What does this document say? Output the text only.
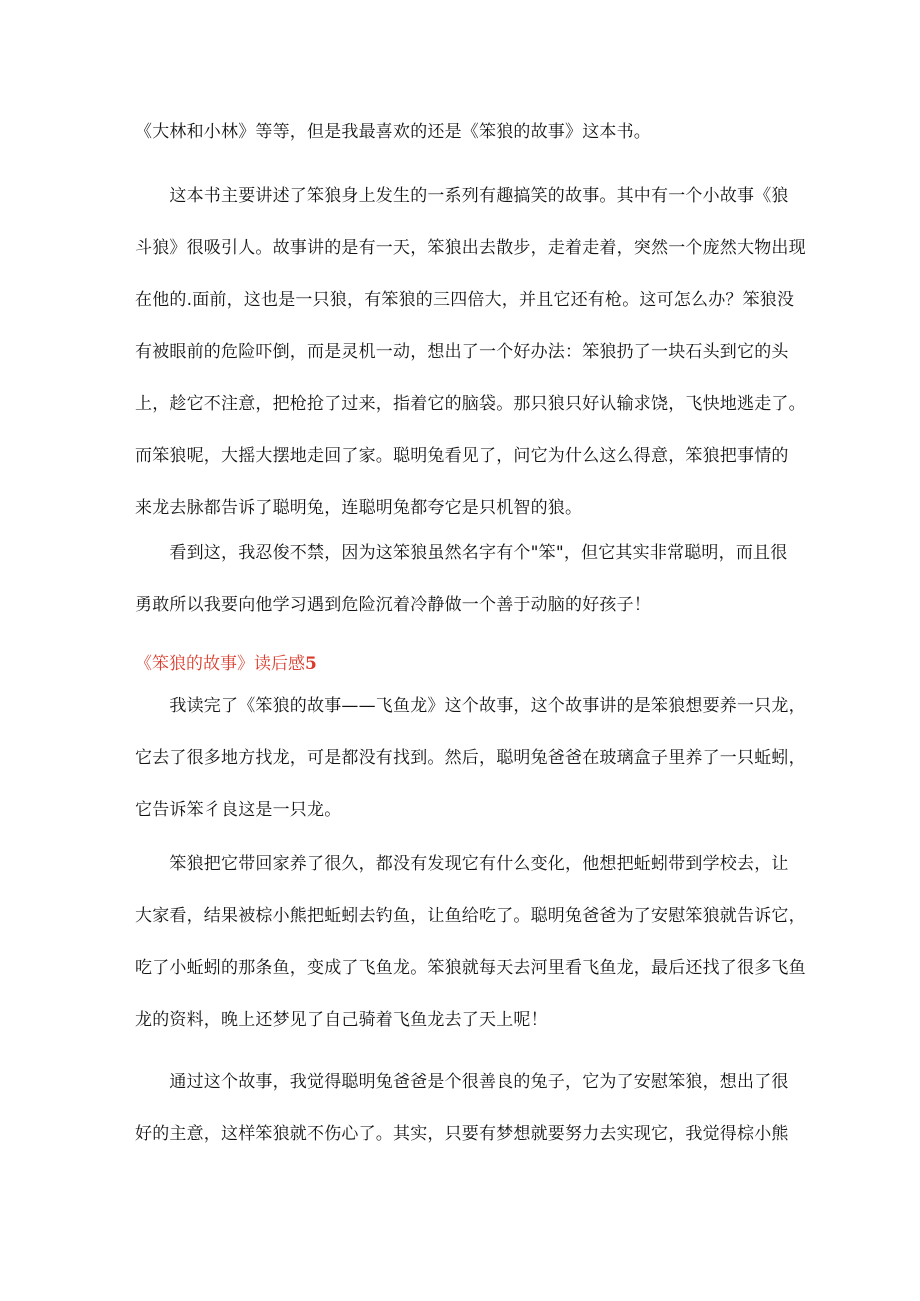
《大林和小林》等等，但是我最喜欢的还是《笨狼的故事》这本书。
　　这本书主要讲述了笨狼身上发生的一系列有趣搞笑的故事。其中有一个小故事《狼
斗狼》很吸引人。故事讲的是有一天，笨狼出去散步，走着走着，突然一个庞然大物出现
在他的.面前，这也是一只狼，有笨狼的三四倍大，并且它还有枪。这可怎么办？笨狼没
有被眼前的危险吓倒，而是灵机一动，想出了一个好办法：笨狼扔了一块石头到它的头
上，趁它不注意，把枪抢了过来，指着它的脑袋。那只狼只好认输求饶，飞快地逃走了。
而笨狼呢，大摇大摆地走回了家。聪明兔看见了，问它为什么这么得意，笨狼把事情的
来龙去脉都告诉了聪明兔，连聪明兔都夸它是只机智的狼。
　　看到这，我忍俊不禁，因为这笨狼虽然名字有个"笨"，但它其实非常聪明，而且很
勇敢所以我要向他学习遇到危险沉着冷静做一个善于动脑的好孩子！
《笨狼的故事》读后感5
　　我读完了《笨狼的故事——飞鱼龙》这个故事，这个故事讲的是笨狼想要养一只龙，
它去了很多地方找龙，可是都没有找到。然后，聪明兔爸爸在玻璃盒子里养了一只蚯蚓，
它告诉笨彳良这是一只龙。
　　笨狼把它带回家养了很久，都没有发现它有什么变化，他想把蚯蚓带到学校去，让
大家看，结果被棕小熊把蚯蚓去钓鱼，让鱼给吃了。聪明兔爸爸为了安慰笨狼就告诉它，
吃了小蚯蚓的那条鱼，变成了飞鱼龙。笨狼就每天去河里看飞鱼龙，最后还找了很多飞鱼
龙的资料，晚上还梦见了自己骑着飞鱼龙去了天上呢！
　　通过这个故事，我觉得聪明兔爸爸是个很善良的兔子，它为了安慰笨狼，想出了很
好的主意，这样笨狼就不伤心了。其实，只要有梦想就要努力去实现它，我觉得棕小熊
